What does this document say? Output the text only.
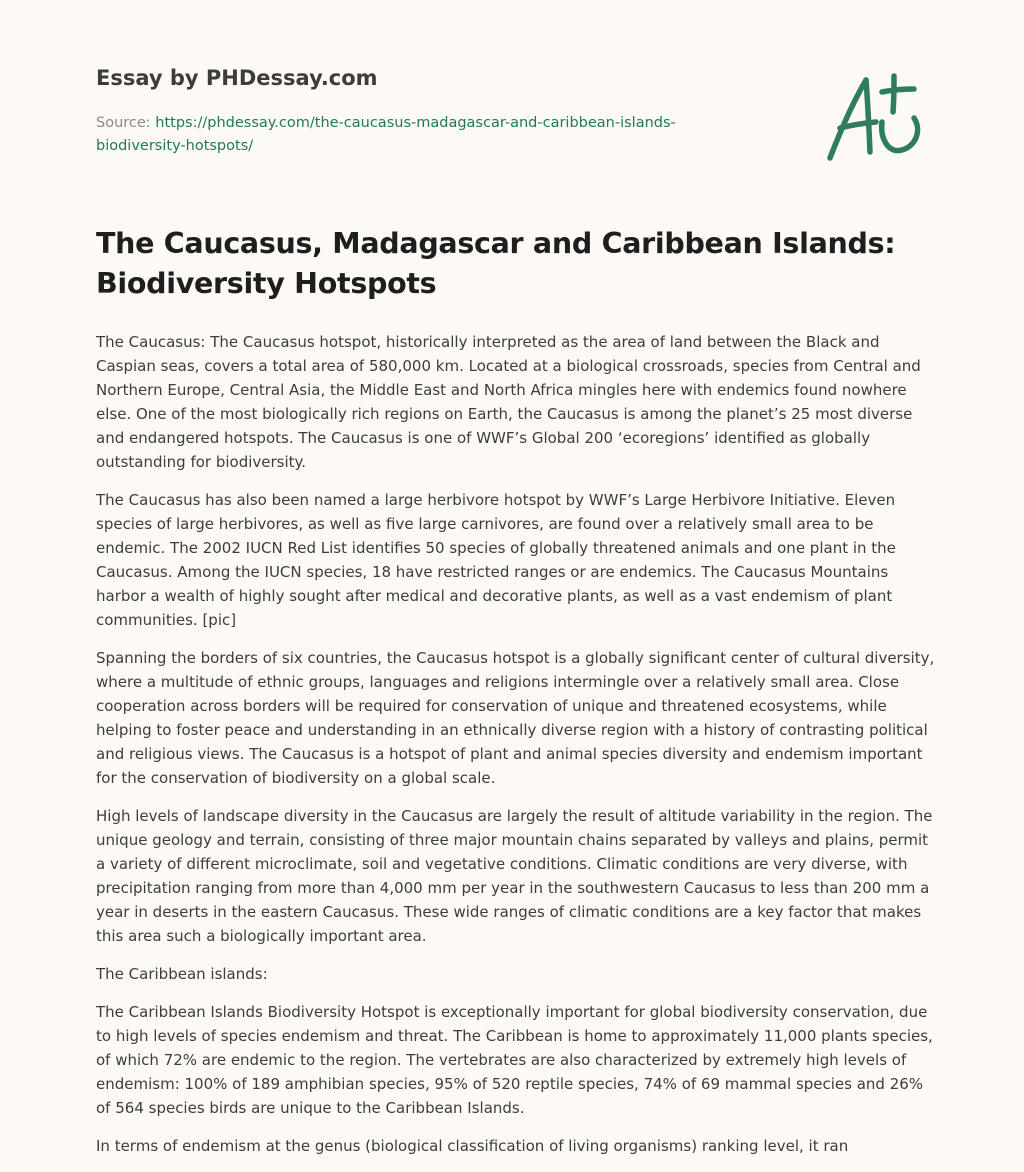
Essay by PHDessay.com
Source: https://phdessay.com/the-caucasus-madagascar-and-caribbean-islands-
biodiversity-hotspots/
The Caucasus, Madagascar and Caribbean Islands:
Biodiversity Hotspots

The Caucasus: The Caucasus hotspot, historically interpreted as the area of land between the Black and Caspian seas, covers a total area of 580,000 km. Located at a biological crossroads, species from Central and Northern Europe, Central Asia, the Middle East and North Africa mingles here with endemics found nowhere else. One of the most biologically rich regions on Earth, the Caucasus is among the planet’s 25 most diverse and endangered hotspots. The Caucasus is one of WWF’s Global 200 ‘ecoregions’ identified as globally outstanding for biodiversity.

The Caucasus has also been named a large herbivore hotspot by WWF’s Large Herbivore Initiative. Eleven species of large herbivores, as well as five large carnivores, are found over a relatively small area to be endemic. The 2002 IUCN Red List identifies 50 species of globally threatened animals and one plant in the Caucasus. Among the IUCN species, 18 have restricted ranges or are endemics. The Caucasus Mountains harbor a wealth of highly sought after medical and decorative plants, as well as a vast endemism of plant communities. [pic]

Spanning the borders of six countries, the Caucasus hotspot is a globally significant center of cultural diversity, where a multitude of ethnic groups, languages and religions intermingle over a relatively small area. Close cooperation across borders will be required for conservation of unique and threatened ecosystems, while helping to foster peace and understanding in an ethnically diverse region with a history of contrasting political and religious views. The Caucasus is a hotspot of plant and animal species diversity and endemism important for the conservation of biodiversity on a global scale.

High levels of landscape diversity in the Caucasus are largely the result of altitude variability in the region. The unique geology and terrain, consisting of three major mountain chains separated by valleys and plains, permit a variety of different microclimate, soil and vegetative conditions. Climatic conditions are very diverse, with precipitation ranging from more than 4,000 mm per year in the southwestern Caucasus to less than 200 mm a year in deserts in the eastern Caucasus. These wide ranges of climatic conditions are a key factor that makes this area such a biologically important area.

The Caribbean islands:

The Caribbean Islands Biodiversity Hotspot is exceptionally important for global biodiversity conservation, due to high levels of species endemism and threat. The Caribbean is home to approximately 11,000 plants species, of which 72% are endemic to the region. The vertebrates are also characterized by extremely high levels of endemism: 100% of 189 amphibian species, 95% of 520 reptile species, 74% of 69 mammal species and 26% of 564 species birds are unique to the Caribbean Islands.

In terms of endemism at the genus (biological classification of living organisms) ranking level, it ran
